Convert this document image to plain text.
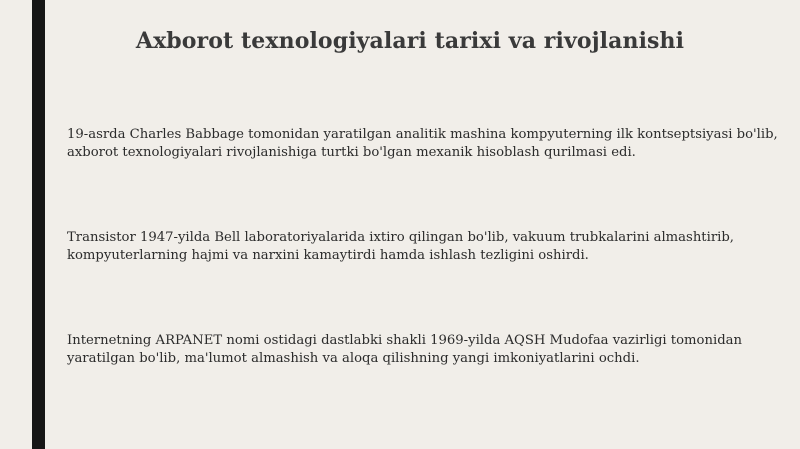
Axborot texnologiyalari tarixi va rivojlanishi
19-asrda Charles Babbage tomonidan yaratilgan analitik mashina kompyuterning ilk kontseptsiyasi bo'lib, axborot texnologiyalari rivojlanishiga turtki bo'lgan mexanik hisoblash qurilmasi edi.
Transistor 1947-yilda Bell laboratoriyalarida ixtiro qilingan bo'lib, vakuum trubkalarini almashtirib, kompyuterlarning hajmi va narxini kamaytirdi hamda ishlash tezligini oshirdi.
Internetning ARPANET nomi ostidagi dastlabki shakli 1969-yilda AQSH Mudofaa vazirligi tomonidan yaratilgan bo'lib, ma'lumot almashish va aloqa qilishning yangi imkoniyatlarini ochdi.
